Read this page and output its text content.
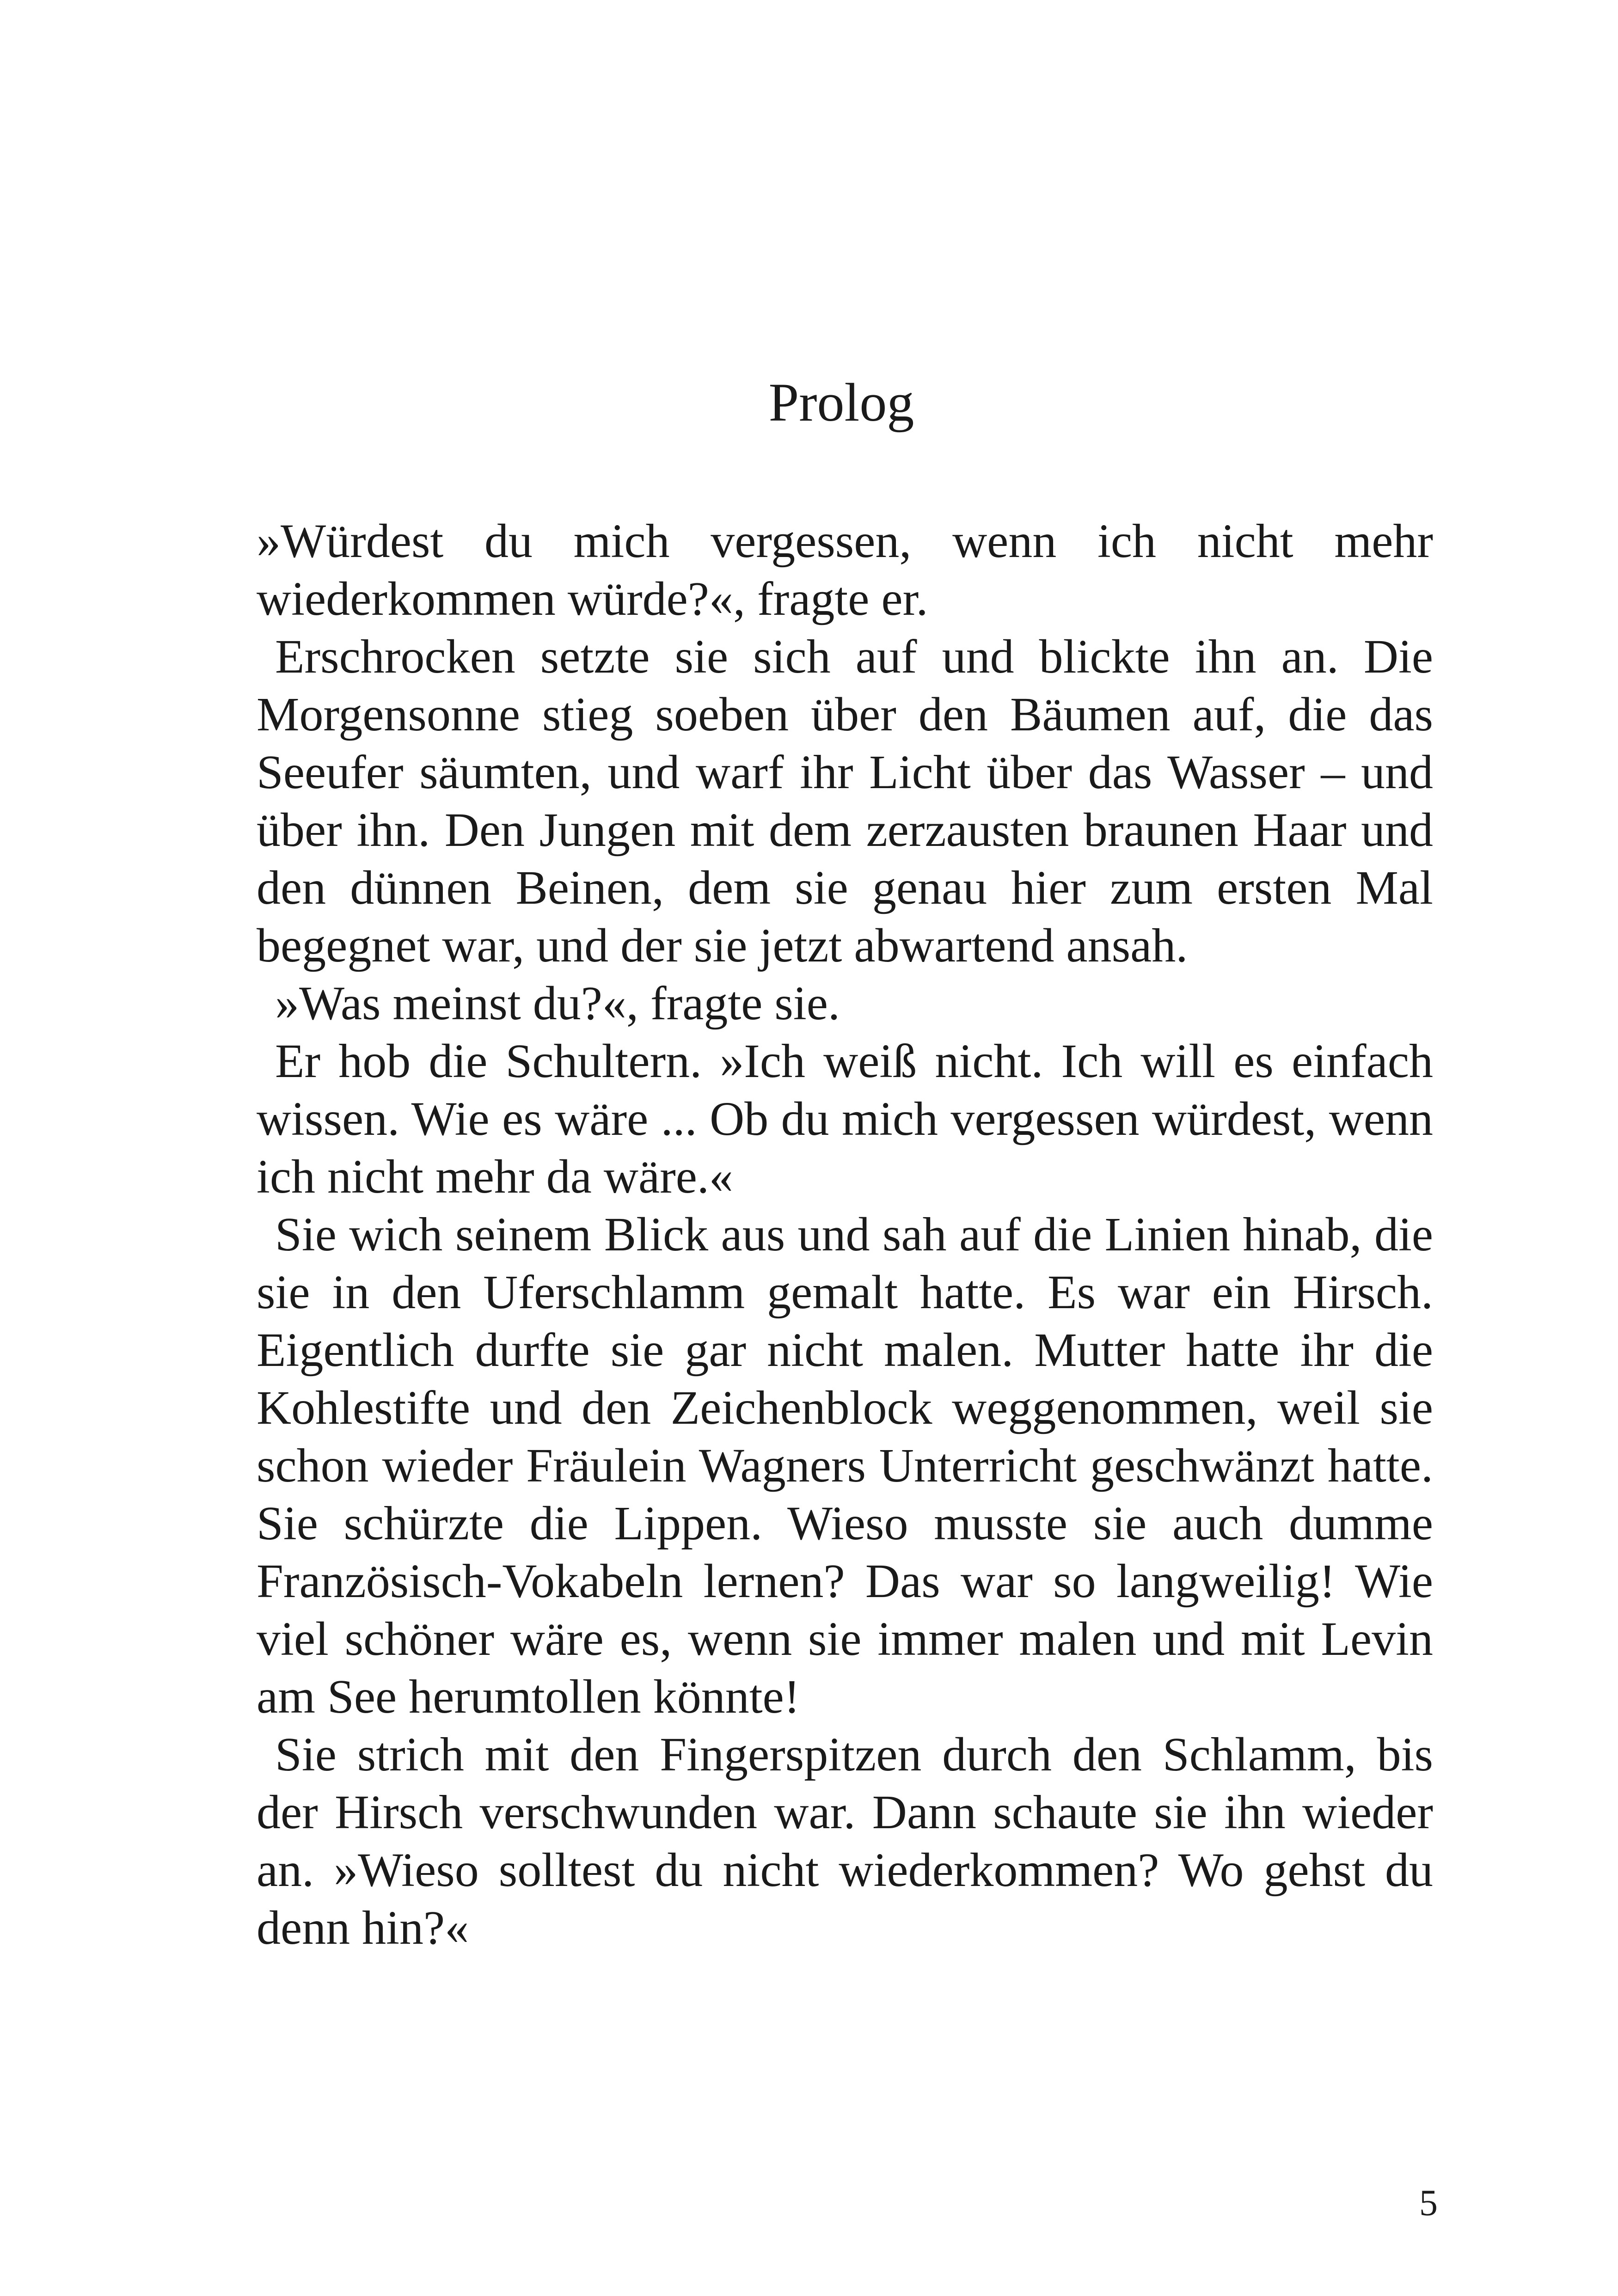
Prolog

»Würdest du mich vergessen, wenn ich nicht mehr wiederkommen würde?«, fragte er.

Erschrocken setzte sie sich auf und blickte ihn an. Die Morgensonne stieg soeben über den Bäumen auf, die das Seeufer säumten, und warf ihr Licht über das Wasser – und über ihn. Den Jungen mit dem zerzausten braunen Haar und den dünnen Beinen, dem sie genau hier zum ersten Mal begegnet war, und der sie jetzt abwartend ansah.

»Was meinst du?«, fragte sie.

Er hob die Schultern. »Ich weiß nicht. Ich will es einfach wissen. Wie es wäre ... Ob du mich vergessen würdest, wenn ich nicht mehr da wäre.«

Sie wich seinem Blick aus und sah auf die Linien hinab, die sie in den Uferschlamm gemalt hatte. Es war ein Hirsch. Eigentlich durfte sie gar nicht malen. Mutter hatte ihr die Kohlestifte und den Zeichenblock weggenommen, weil sie schon wieder Fräulein Wagners Unterricht geschwänzt hatte. Sie schürzte die Lippen. Wieso musste sie auch dumme Französisch-Vokabeln lernen? Das war so langweilig! Wie viel schöner wäre es, wenn sie immer malen und mit Levin am See herumtollen könnte!

Sie strich mit den Fingerspitzen durch den Schlamm, bis der Hirsch verschwunden war. Dann schaute sie ihn wieder an. »Wieso solltest du nicht wiederkommen? Wo gehst du denn hin?«

5
